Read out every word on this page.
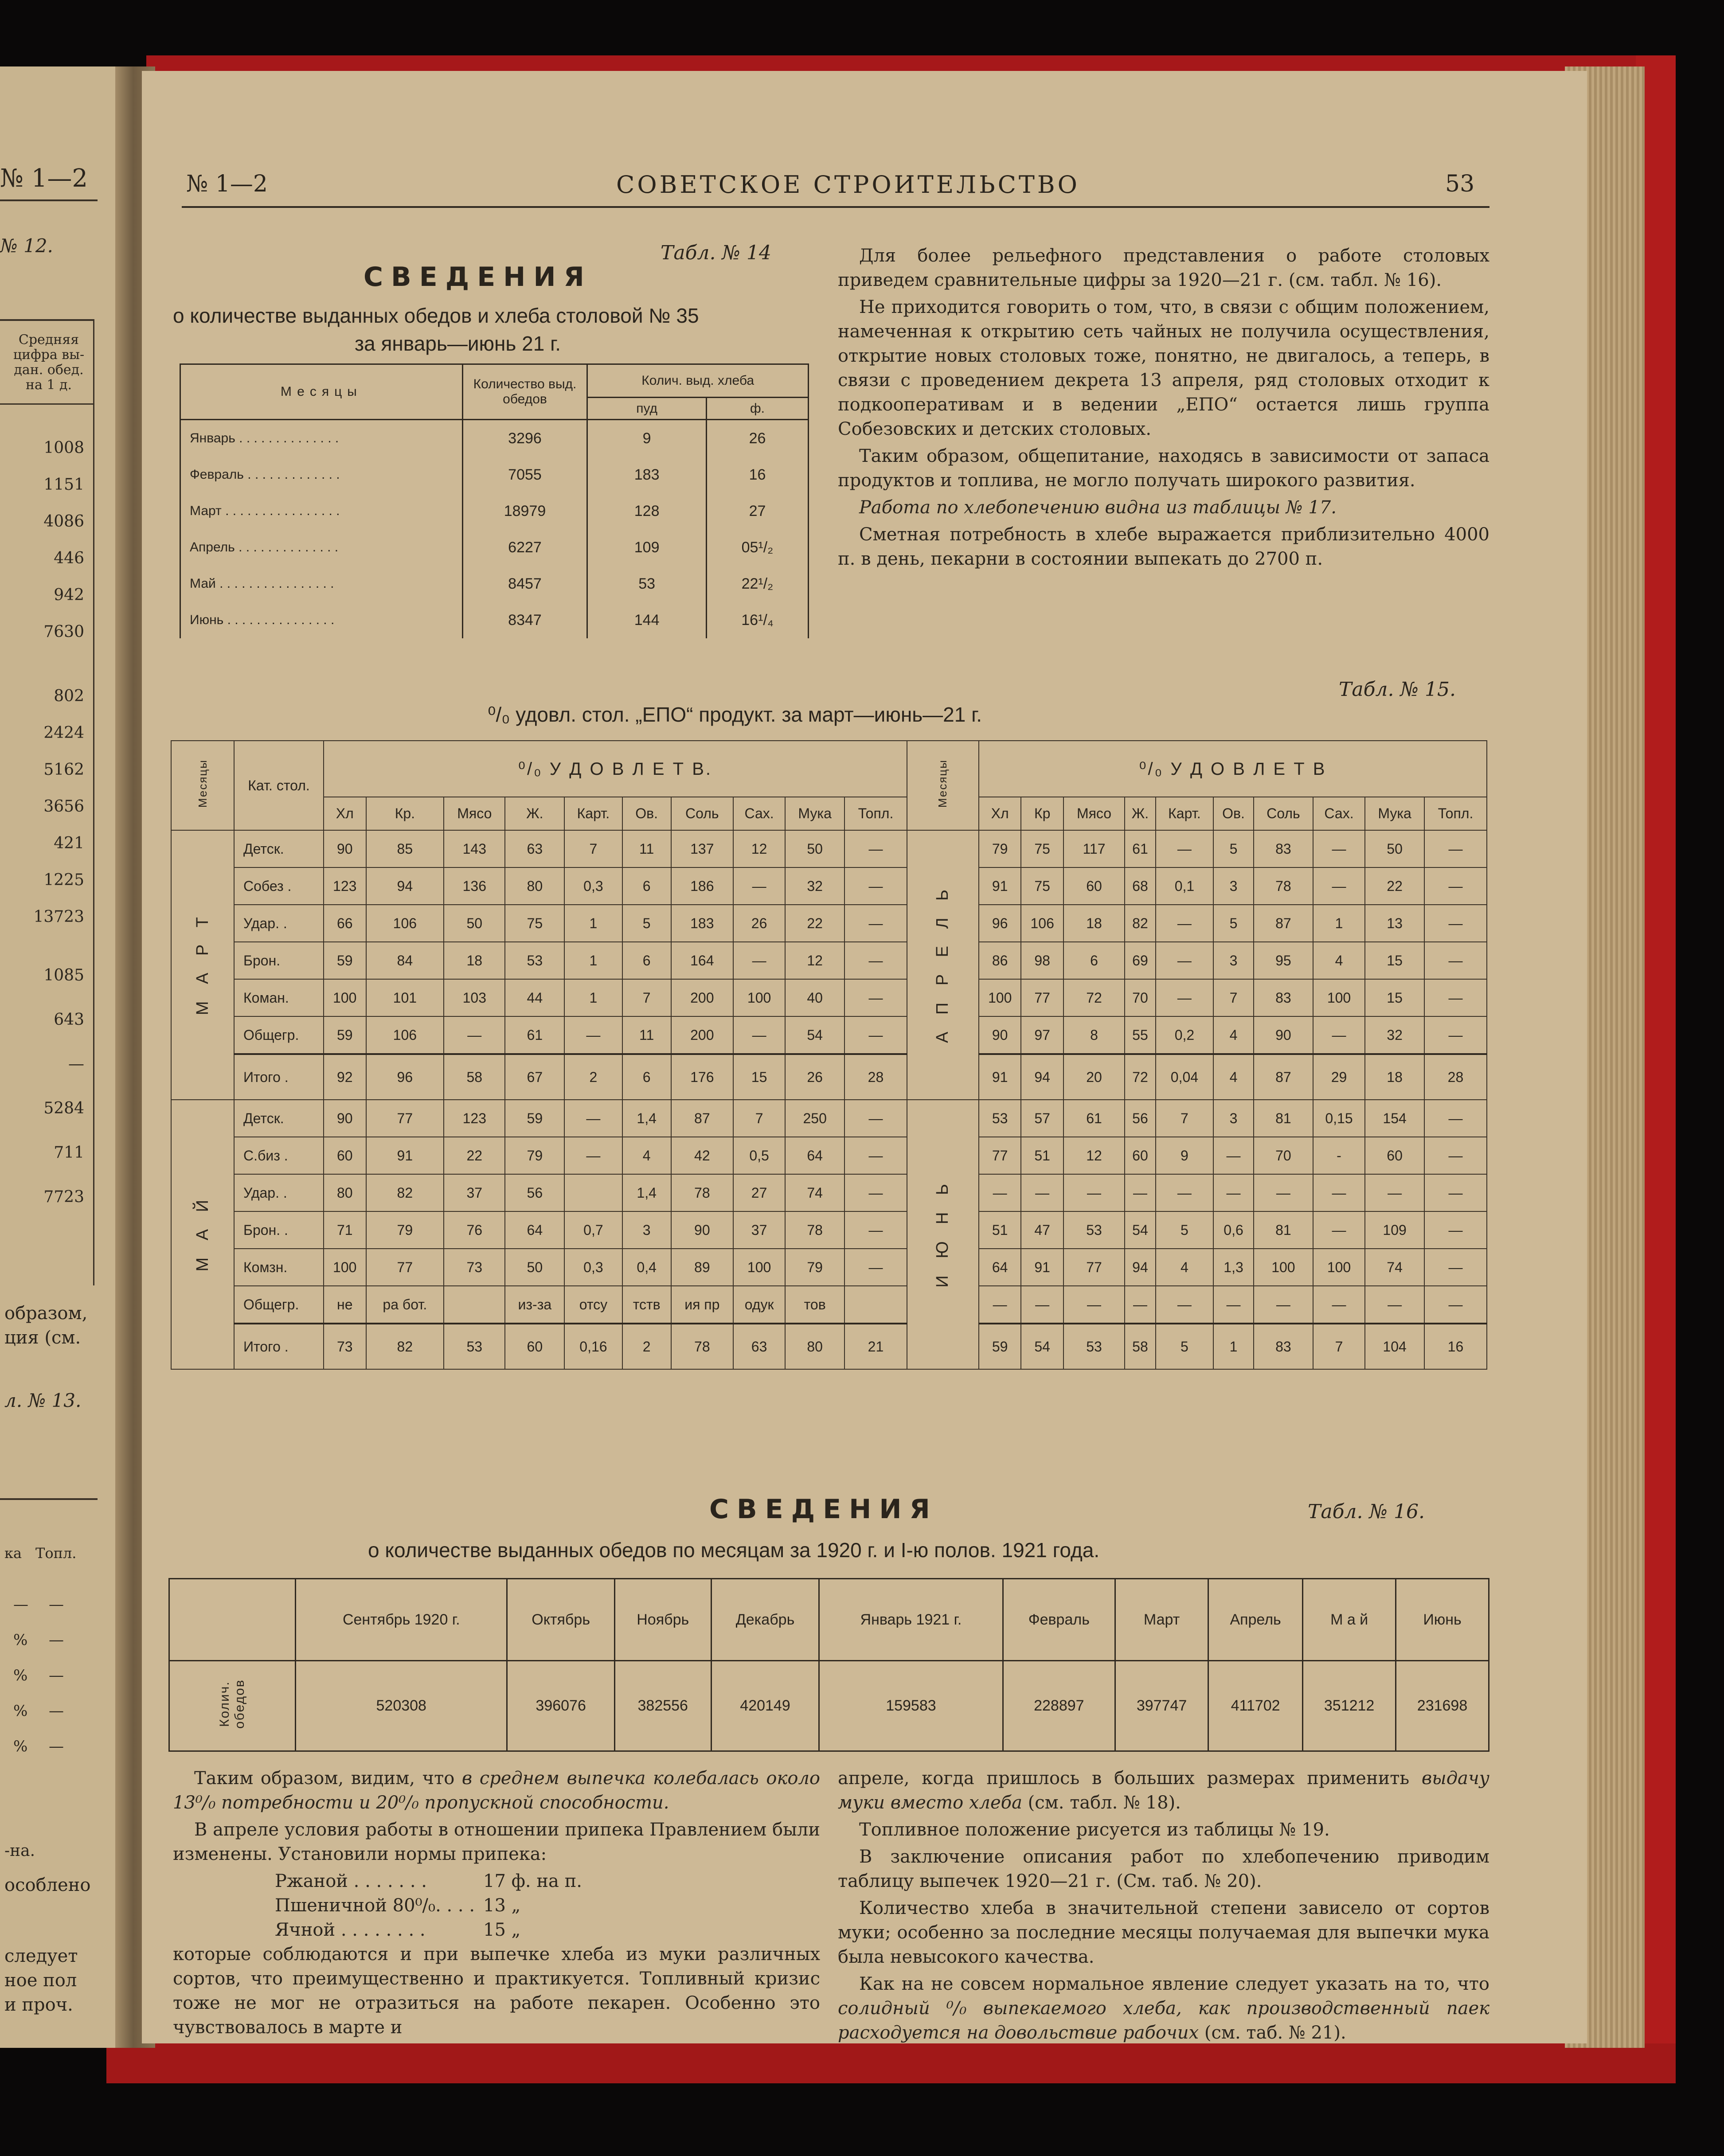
№ 1—2
№ 12.
Средняя цифра вы-дан. обед. на 1 д.
1008
1151
4086
446
942
7630
802
2424
5162
3656
421
1225
13723
1085
643
—
5284
711
7723
образом,
ция (см.
л. № 13.
ка Топл.
— —
% —
% —
% —
% —
-на.
особлено
следует
ное пол
и проч.
№ 1—2	СОВЕТСКОЕ СТРОИТЕЛЬСТВО	53
Табл. № 14
СВЕДЕНИЯ
о количестве выданных обедов и хлеба столовой № 35
за январь—июнь 21 г.
Месяцы	Количество выд. обедов	Колич. выд. хлеба	
		пуд	ф.
Январь . . . . . . . . . . . . . .	3296	9	26
Февраль . . . . . . . . . . . . .	7055	183	16
Март . . . . . . . . . . . . . . . .	18979	128	27
Апрель . . . . . . . . . . . . . .	6227	109	05¹/₂
Май . . . . . . . . . . . . . . . .	8457	53	22¹/₂
Июнь . . . . . . . . . . . . . . .	8347	144	16¹/₄

Для более рельефного представления о работе столовых приведем сравнительные цифры за 1920—21 г. (см. табл. № 16).

Не приходится говорить о том, что, в связи с общим положением, намеченная к открытию сеть чайных не получила осуществления, открытие новых столовых тоже, понятно, не двигалось, а теперь, в связи с проведением декрета 13 апреля, ряд столовых отходит к подкооперативам и в ведении „ЕПО“ остается лишь группа Собезовских и детских столовых.

Таким образом, общепитание, находясь в зависимости от запаса продуктов и топлива, не могло получать широкого развития.

Работа по хлебопечению видна из таблицы № 17.

Сметная потребность в хлебе выражается приблизительно 4000 п. в день, пекарни в состоянии выпекать до 2700 п.

Табл. № 15.
⁰/₀ удовл. стол. „ЕПО“ продукт. за март—июнь—21 г.
Месяцы	Кат. стол.	⁰/₀ У Д О В Л Е Т В.										Месяцы	⁰/₀ У Д О В Л Е Т В									
		Хл	Кр.	Мясо	Ж.	Карт.	Ов.	Соль	Сах.	Мука	Топл.		Хл	Кр	Мясо	Ж.	Карт.	Ов.	Соль	Сах.	Мука	Топл.
М А Р Т	Детск.	90	85	143	63	7	11	137	12	50	—	А П Р Е Л Ь	79	75	117	61	—	5	83	—	50	—
	Собез .	123	94	136	80	0,3	6	186	—	32	—		91	75	60	68	0,1	3	78	—	22	—
	Удар. .	66	106	50	75	1	5	183	26	22	—		96	106	18	82	—	5	87	1	13	—
	Брон.	59	84	18	53	1	6	164	—	12	—		86	98	6	69	—	3	95	4	15	—
	Коман.	100	101	103	44	1	7	200	100	40	—		100	77	72	70	—	7	83	100	15	—
	Общегр.	59	106	—	61	—	11	200	—	54	—		90	97	8	55	0,2	4	90	—	32	—
	Итого .	92	96	58	67	2	6	176	15	26	28		91	94	20	72	0,04	4	87	29	18	28
М А Й	Детск.	90	77	123	59	—	1,4	87	7	250	—	И Ю Н Ь	53	57	61	56	7	3	81	0,15	154	—
	С.биз .	60	91	22	79	—	4	42	0,5	64	—		77	51	12	60	9	—	70	-	60	—
	Удар. .	80	82	37	56		1,4	78	27	74	—		—	—	—	—	—	—	—	—	—	—
	Брон. .	71	79	76	64	0,7	3	90	37	78	—		51	47	53	54	5	0,6	81	—	109	—
	Комзн.	100	77	73	50	0,3	0,4	89	100	79	—		64	91	77	94	4	1,3	100	100	74	—
	Общегр.	не	ра бот.		из-за	отсу	тств	ия пр	одук	тов			—	—	—	—	—	—	—	—	—	—
	Итого .	73	82	53	60	0,16	2	78	63	80	21		59	54	53	58	5	1	83	7	104	16
СВЕДЕНИЯ	Табл. № 16.
о количестве выданных обедов по месяцам за 1920 г. и I-ю полов. 1921 года.
	Сентябрь 1920 г.	Октябрь	Ноябрь	Декабрь	Январь 1921 г.	Февраль	Март	Апрель	М а й	Июнь
Колич. обедов	520308	396076	382556	420149	159583	228897	397747	411702	351212	231698

Таким образом, видим, что в среднем выпечка колебалась около 13⁰/₀ потребности и 20⁰/₀ пропускной способности.

В апреле условия работы в отношении припека Правлением были изменены. Установили нормы припека:

Ржаной . . . . . . .	17 ф. на п.
Пшеничной 80⁰/₀. . . . 13 „
Ячной . . . . . . . .	15 „

которые соблюдаются и при выпечке хлеба из муки различных сортов, что преимущественно и практикуется. Топливный кризис тоже не мог не отразиться на работе пекарен. Особенно это чувствовалось в марте и

апреле, когда пришлось в больших размерах применить выдачу муки вместо хлеба (см. табл. № 18).

Топливное положение рисуется из таблицы № 19.

В заключение описания работ по хлебопечению приводим таблицу выпечек 1920—21 г. (См. таб. № 20).

Количество хлеба в значительной степени зависело от сортов муки; особенно за последние месяцы получаемая для выпечки мука была невысокого качества.

Как на не совсем нормальное явление следует указать на то, что солидный ⁰/₀ выпекаемого хлеба, как производственный паек расходуется на довольствие рабочих (см. таб. № 21).
